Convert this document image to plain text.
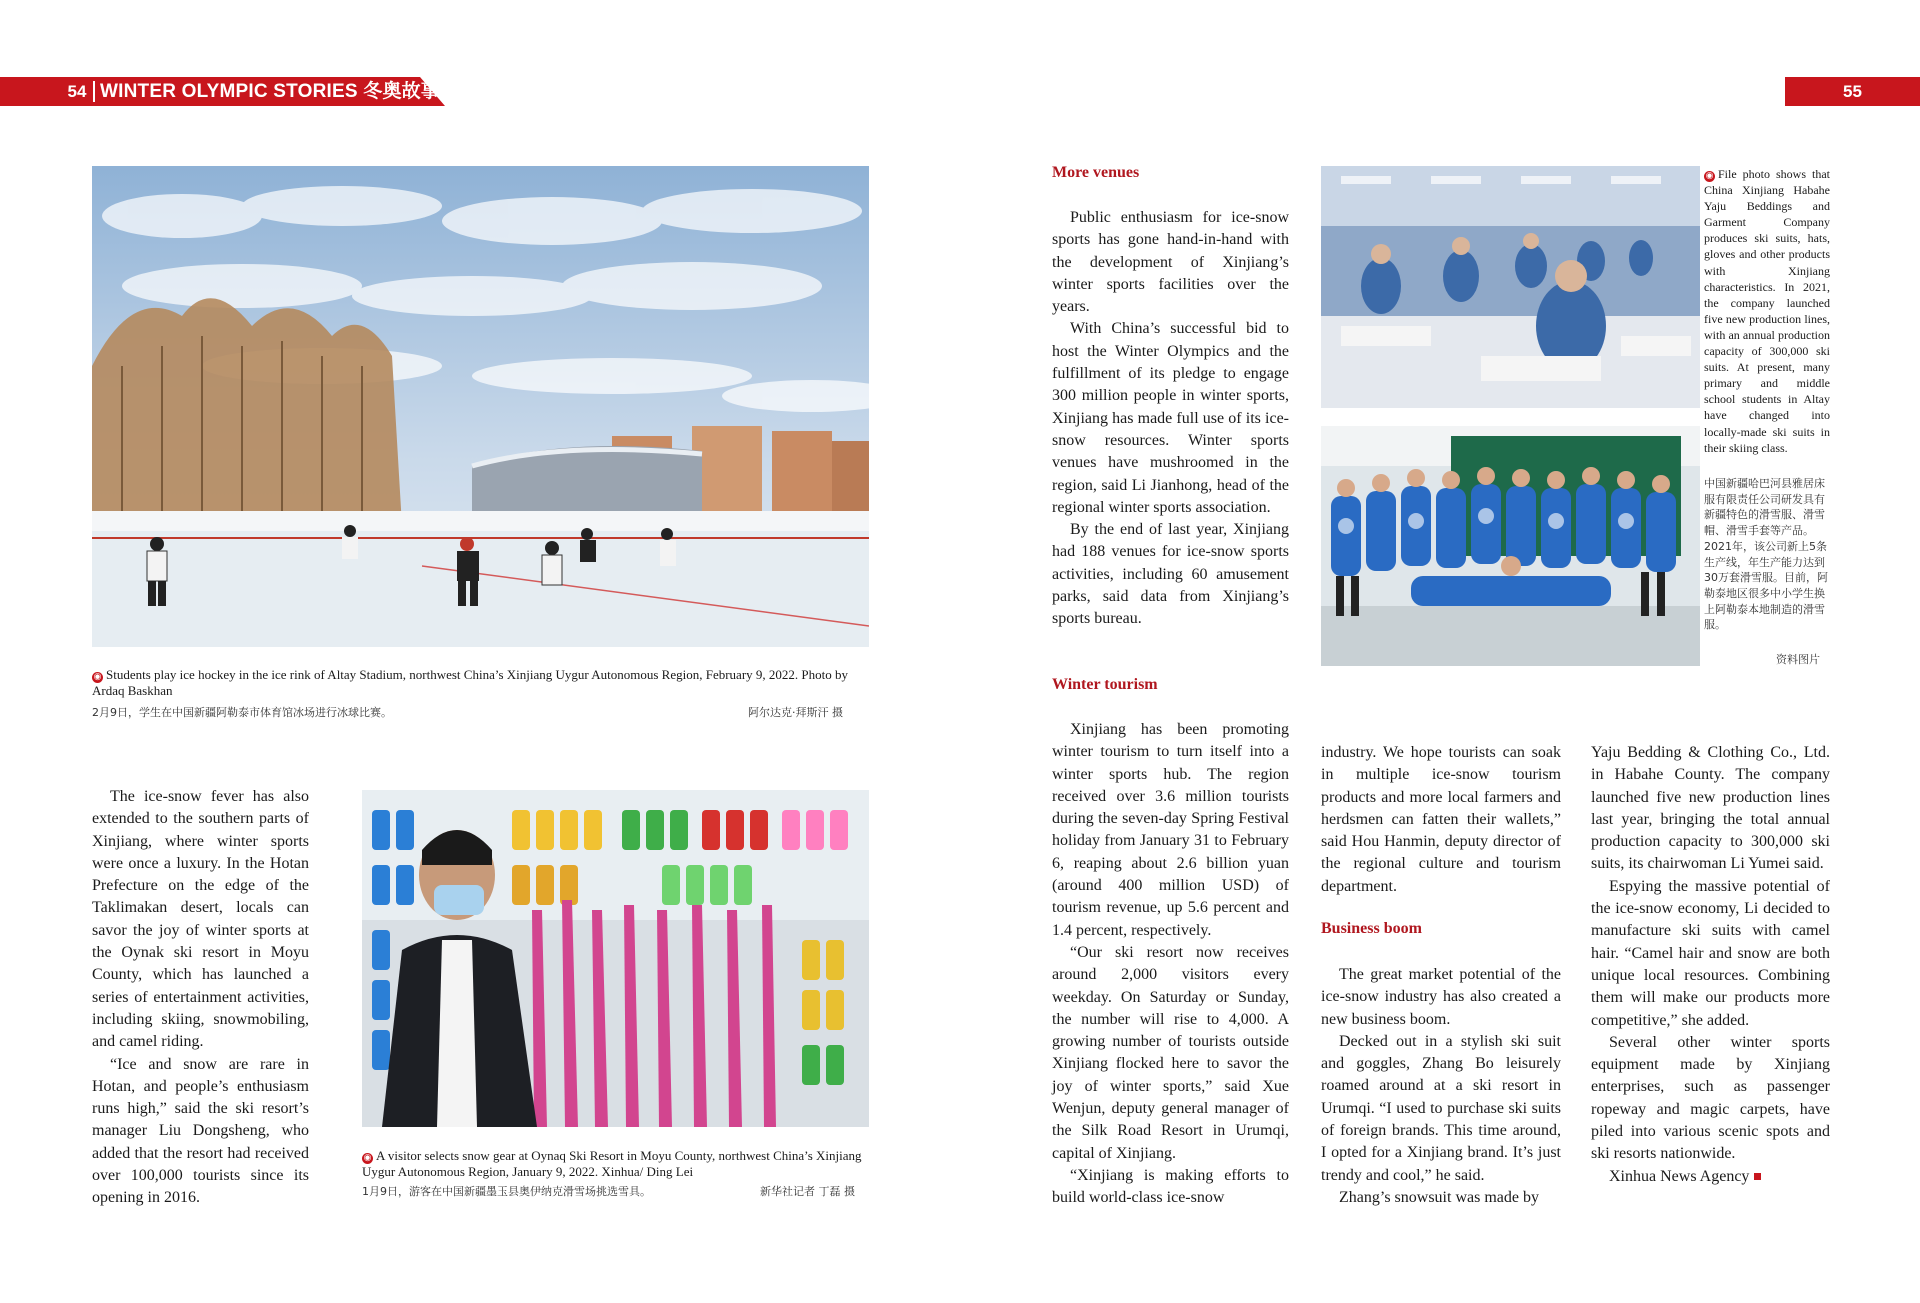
54 WINTER OLYMPIC STORIES 冬奥故事	55
◉ Students play ice hockey in the ice rink of Altay Stadium, northwest China’s Xinjiang Uygur Autonomous Region, February 9, 2022. Photo by Ardaq Baskhan
2月9日，学生在中国新疆阿勒泰市体育馆冰场进行冰球比赛。	阿尔达克·拜斯汗 摄

The ice-snow fever has also extended to the southern parts of Xinjiang, where winter sports were once a luxury. In the Hotan Prefecture on the edge of the Taklimakan desert, locals can savor the joy of winter sports at the Oynak ski resort in Moyu County, which has launched a series of entertainment activities, including skiing, snowmobiling, and camel riding.

“Ice and snow are rare in Hotan, and people’s enthusiasm runs high,” said the ski resort’s manager Liu Dongsheng, who added that the resort had received over 100,000 tourists since its opening in 2016.

◉ A visitor selects snow gear at Oynaq Ski Resort in Moyu County, northwest China’s Xinjiang Uygur Autonomous Region, January 9, 2022. Xinhua/ Ding Lei
1月9日，游客在中国新疆墨玉县奥伊纳克滑雪场挑选雪具。	新华社记者 丁磊 摄
More venues

Public enthusiasm for ice-snow sports has gone hand-in-hand with the development of Xinjiang’s winter sports facilities over the years.

With China’s successful bid to host the Winter Olympics and the fulfillment of its pledge to engage 300 million people in winter sports, Xinjiang has made full use of its ice-snow resources. Winter sports venues have mushroomed in the region, said Li Jianhong, head of the regional winter sports association.

By the end of last year, Xinjiang had 188 venues for ice-snow sports activities, including 60 amusement parks, said data from Xinjiang’s sports bureau.

Winter tourism

Xinjiang has been promoting winter tourism to turn itself into a winter sports hub. The region received over 3.6 million tourists during the seven-day Spring Festival holiday from January 31 to February 6, reaping about 2.6 billion yuan (around 400 million USD) of tourism revenue, up 5.6 percent and 1.4 percent, respectively.

“Our ski resort now receives around 2,000 visitors every weekday. On Saturday or Sunday, the number will rise to 4,000. A growing number of tourists outside Xinjiang flocked here to savor the joy of winter sports,” said Xue Wenjun, deputy general manager of the Silk Road Resort in Urumqi, capital of Xinjiang.

“Xinjiang is making efforts to build world-class ice-snow

◉ File photo shows that China Xinjiang Habahe Yaju Beddings and Garment Company produces ski suits, hats, gloves and other products with Xinjiang characteristics. In 2021, the company launched five new production lines, with an annual production capacity of 300,000 ski suits. At present, many primary and middle school students in Altay have changed into locally-made ski suits in their skiing class.
中国新疆哈巴河县雅居床服有限责任公司研发具有新疆特色的滑雪服、滑雪帽、滑雪手套等产品。2021年，该公司新上5条生产线，年生产能力达到30万套滑雪服。目前，阿勒泰地区很多中小学生换上阿勒泰本地制造的滑雪服。
资料图片

industry. We hope tourists can soak in multiple ice-snow tourism products and more local farmers and herdsmen can fatten their wallets,” said Hou Hanmin, deputy director of the regional culture and tourism department.

Business boom

The great market potential of the ice-snow industry has also created a new business boom.

Decked out in a stylish ski suit and goggles, Zhang Bo leisurely roamed around at a ski resort in Urumqi. “I used to purchase ski suits of foreign brands. This time around, I opted for a Xinjiang brand. It’s just trendy and cool,” he said.

Zhang’s snowsuit was made by

Yaju Bedding & Clothing Co., Ltd. in Habahe County. The company launched five new production lines last year, bringing the total annual production capacity to 300,000 ski suits, its chairwoman Li Yumei said.

Espying the massive potential of the ice-snow economy, Li decided to manufacture ski suits with camel hair. “Camel hair and snow are both unique local resources. Combining them will make our products more competitive,” she added.

Several other winter sports equipment made by Xinjiang enterprises, such as passenger ropeway and magic carpets, have piled into various scenic spots and ski resorts nationwide.

Xinhua News Agency
